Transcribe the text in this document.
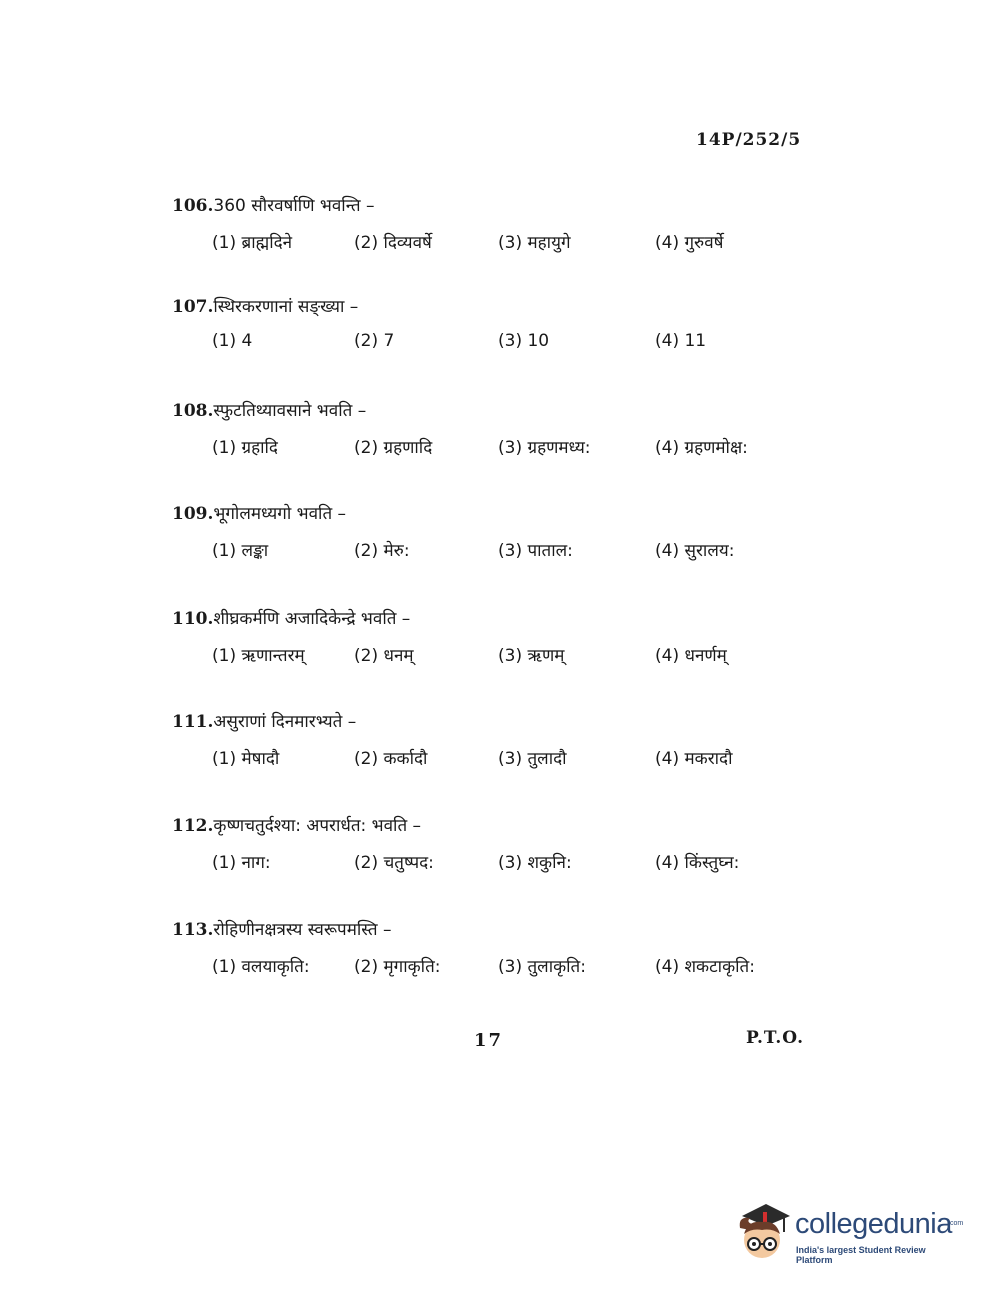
14P/252/5
106.360 सौरवर्षाणि भवन्ति –
(1) ब्राह्मदिने	(2) दिव्यवर्षे	(3) महायुगे	(4) गुरुवर्षे
107.स्थिरकरणानां सङ्ख्या –
(1) 4	(2) 7	(3) 10	(4) 11
108.स्फुटतिथ्यावसाने भवति –
(1) ग्रहादि	(2) ग्रहणादि	(3) ग्रहणमध्य:	(4) ग्रहणमोक्ष:
109.भूगोलमध्यगो भवति –
(1) लङ्का	(2) मेरु:	(3) पाताल:	(4) सुरालय:
110.शीघ्रकर्मणि अजादिकेन्द्रे भवति –
(1) ऋणान्तरम्	(2) धनम्	(3) ऋणम्	(4) धनर्णम्
111.असुराणां दिनमारभ्यते –
(1) मेषादौ	(2) कर्कादौ	(3) तुलादौ	(4) मकरादौ
112.कृष्णचतुर्दश्या: अपरार्धत: भवति –
(1) नाग:	(2) चतुष्पद:	(3) शकुनि:	(4) किंस्तुघ्न:
113.रोहिणीनक्षत्रस्य स्वरूपमस्ति –
(1) वलयाकृति:	(2) मृगाकृति:	(3) तुलाकृति:	(4) शकटाकृति:
17	P.T.O.
collegedunia
.com
India's largest Student Review Platform
